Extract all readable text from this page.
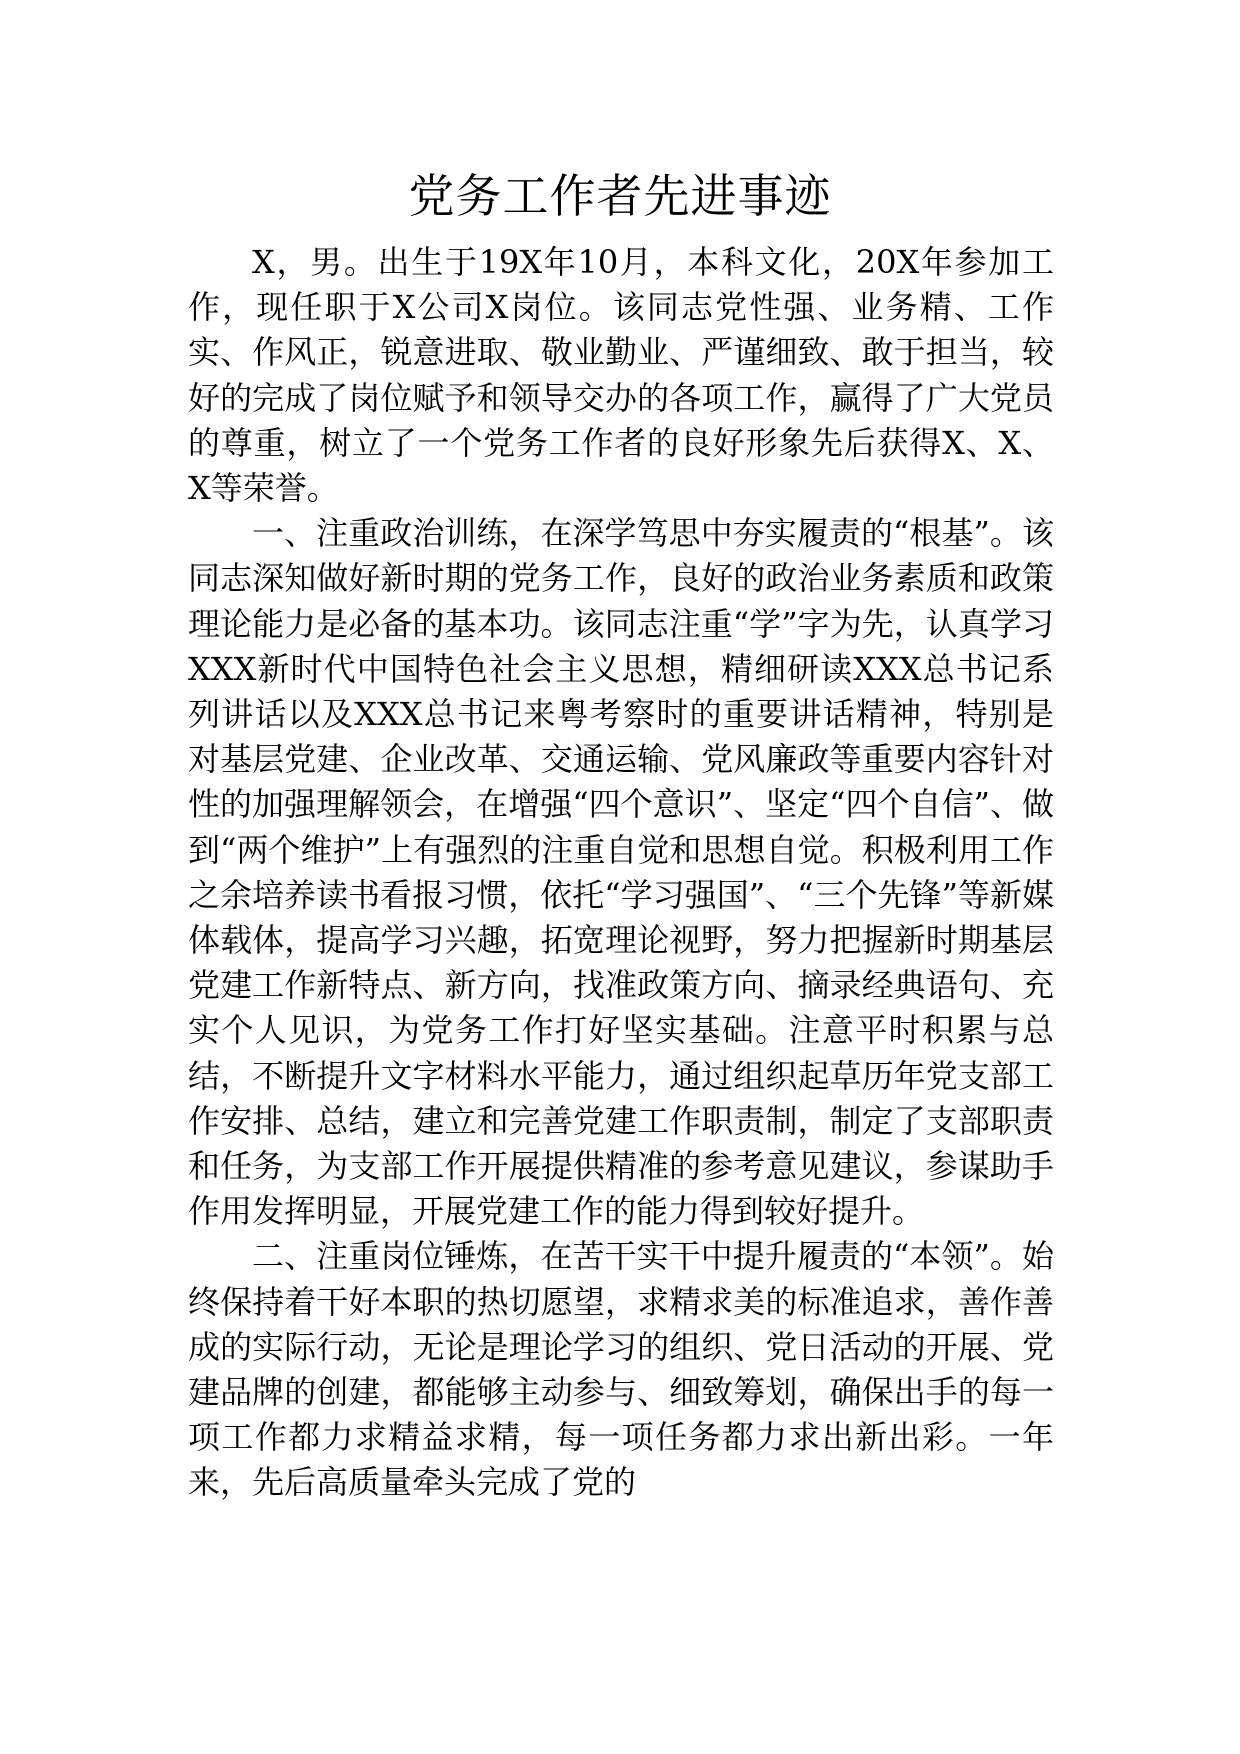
党务工作者先进事迹

X，男。出生于19X年10月，本科文化，20X年参加工作，现任职于X公司X岗位。该同志党性强、业务精、工作实、作风正，锐意进取、敬业勤业、严谨细致、敢于担当，较好的完成了岗位赋予和领导交办的各项工作，赢得了广大党员的尊重，树立了一个党务工作者的良好形象先后获得X、X、X等荣誉。

一、注重政治训练，在深学笃思中夯实履责的“根基”。该同志深知做好新时期的党务工作，良好的政治业务素质和政策理论能力是必备的基本功。该同志注重“学”字为先，认真学习XXX新时代中国特色社会主义思想，精细研读XXX总书记系列讲话以及XXX总书记来粤考察时的重要讲话精神，特别是对基层党建、企业改革、交通运输、党风廉政等重要内容针对性的加强理解领会，在增强“四个意识”、坚定“四个自信”、做到“两个维护”上有强烈的注重自觉和思想自觉。积极利用工作之余培养读书看报习惯，依托“学习强国”、“三个先锋”等新媒体载体，提高学习兴趣，拓宽理论视野，努力把握新时期基层党建工作新特点、新方向，找准政策方向、摘录经典语句、充实个人见识，为党务工作打好坚实基础。注意平时积累与总结，不断提升文字材料水平能力，通过组织起草历年党支部工作安排、总结，建立和完善党建工作职责制，制定了支部职责和任务，为支部工作开展提供精准的参考意见建议，参谋助手作用发挥明显，开展党建工作的能力得到较好提升。

二、注重岗位锤炼，在苦干实干中提升履责的“本领”。始终保持着干好本职的热切愿望，求精求美的标准追求，善作善成的实际行动，无论是理论学习的组织、党日活动的开展、党建品牌的创建，都能够主动参与、细致筹划，确保出手的每一项工作都力求精益求精，每一项任务都力求出新出彩。一年来，先后高质量牵头完成了党的
